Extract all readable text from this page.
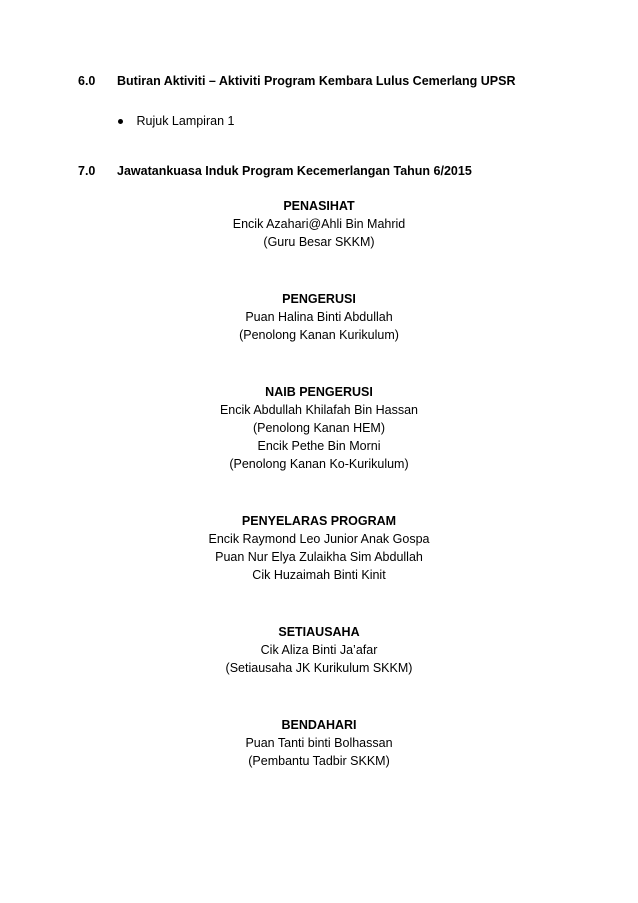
6.0 Butiran Aktiviti – Aktiviti Program Kembara Lulus Cemerlang UPSR
Rujuk Lampiran 1
7.0 Jawatankuasa Induk Program Kecemerlangan Tahun 6/2015
PENASIHAT
Encik Azahari@Ahli Bin Mahrid
(Guru Besar SKKM)
PENGERUSI
Puan Halina Binti Abdullah
(Penolong Kanan Kurikulum)
NAIB PENGERUSI
Encik Abdullah Khilafah Bin Hassan
(Penolong Kanan HEM)
Encik Pethe Bin Morni
(Penolong Kanan Ko-Kurikulum)
PENYELARAS PROGRAM
Encik Raymond Leo Junior Anak Gospa
Puan Nur Elya Zulaikha Sim Abdullah
Cik Huzaimah Binti Kinit
SETIAUSAHA
Cik Aliza Binti Ja’afar
(Setiausaha JK Kurikulum SKKM)
BENDAHARI
Puan Tanti binti Bolhassan
(Pembantu Tadbir SKKM)
